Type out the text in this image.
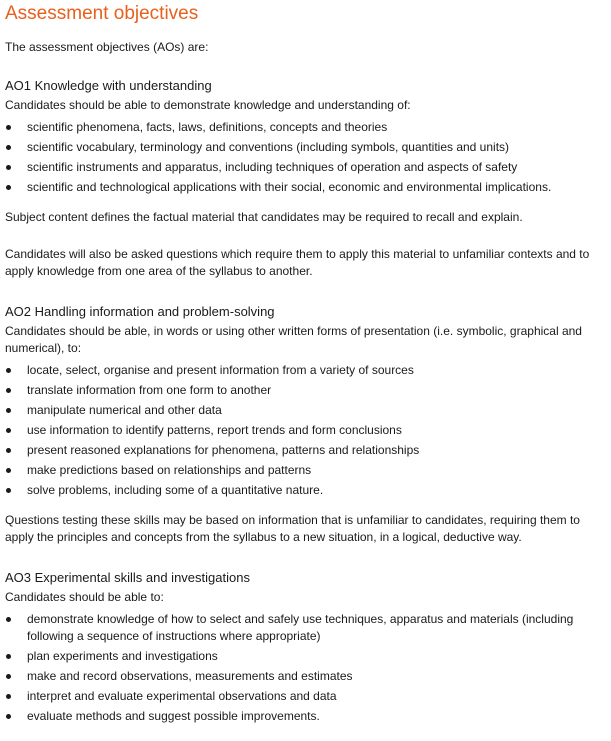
Assessment objectives

The assessment objectives (AOs) are:

AO1 Knowledge with understanding

Candidates should be able to demonstrate knowledge and understanding of:

scientific phenomena, facts, laws, definitions, concepts and theories
scientific vocabulary, terminology and conventions (including symbols, quantities and units)
scientific instruments and apparatus, including techniques of operation and aspects of safety
scientific and technological applications with their social, economic and environmental implications.

Subject content defines the factual material that candidates may be required to recall and explain.

Candidates will also be asked questions which require them to apply this material to unfamiliar contexts and to apply knowledge from one area of the syllabus to another.

AO2 Handling information and problem-solving

Candidates should be able, in words or using other written forms of presentation (i.e. symbolic, graphical and numerical), to:

locate, select, organise and present information from a variety of sources
translate information from one form to another
manipulate numerical and other data
use information to identify patterns, report trends and form conclusions
present reasoned explanations for phenomena, patterns and relationships
make predictions based on relationships and patterns
solve problems, including some of a quantitative nature.

Questions testing these skills may be based on information that is unfamiliar to candidates, requiring them to apply the principles and concepts from the syllabus to a new situation, in a logical, deductive way.

AO3 Experimental skills and investigations

Candidates should be able to:

demonstrate knowledge of how to select and safely use techniques, apparatus and materials (including following a sequence of instructions where appropriate)
plan experiments and investigations
make and record observations, measurements and estimates
interpret and evaluate experimental observations and data
evaluate methods and suggest possible improvements.
